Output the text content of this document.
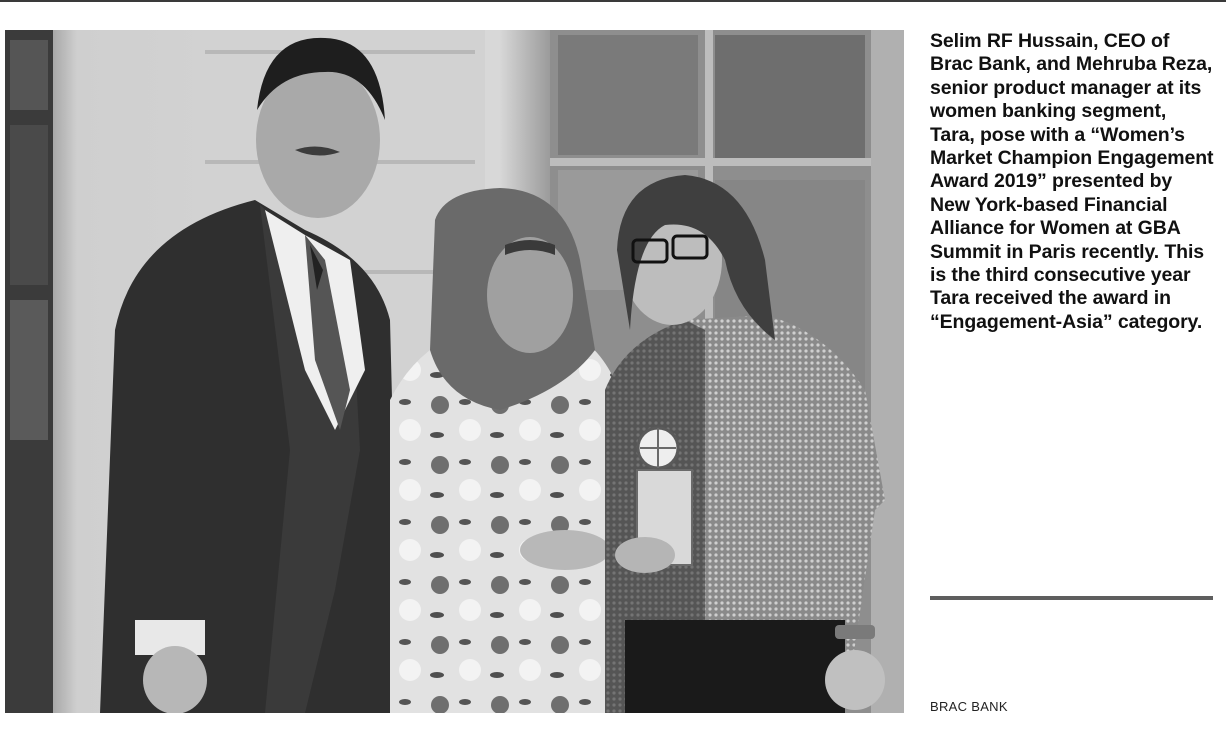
Selim RF Hussain, CEO of Brac Bank, and Mehruba Reza, senior product manager at its women banking segment, Tara, pose with a “Women’s Market Champion Engagement Award 2019” presented by New York-based Financial Alliance for Women at GBA Summit in Paris recently. This is the third consecutive year Tara received the award in “Engagement-Asia” category.

BRAC BANK
